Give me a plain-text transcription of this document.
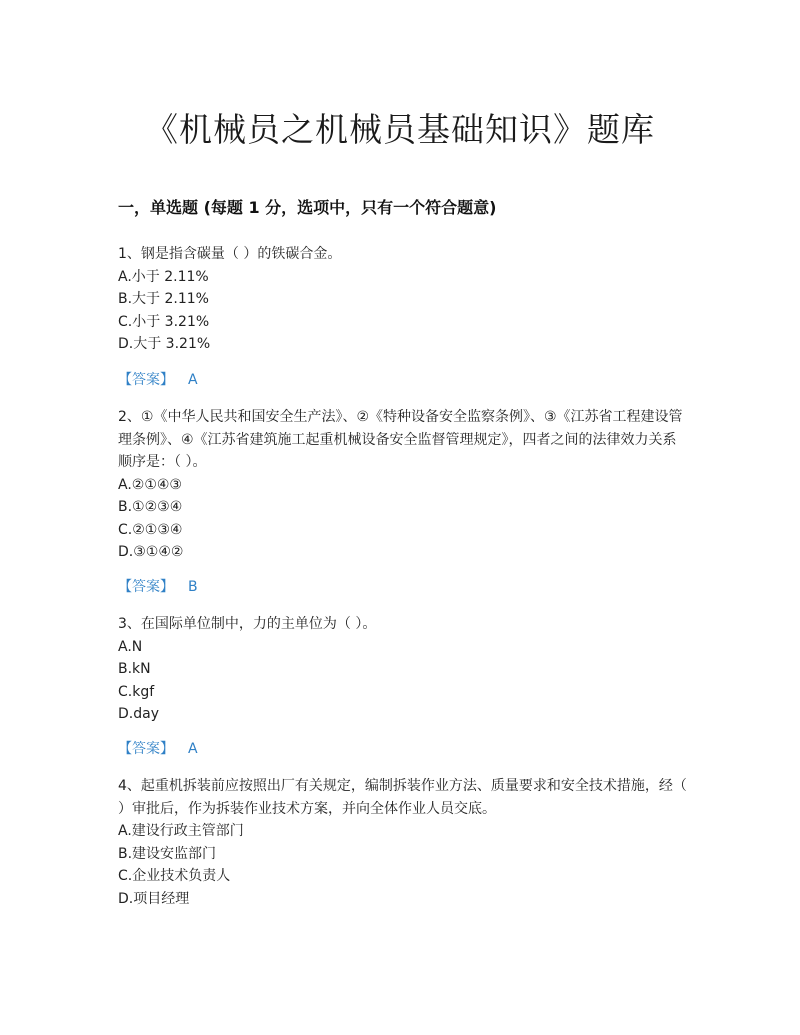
《机械员之机械员基础知识》题库
一，单选题 (每题 1 分，选项中，只有一个符合题意)

1、钢是指含碳量（ ）的铁碳合金。

A.小于 2.11%

B.大于 2.11%

C.小于 3.21%

D.大于 3.21%

【答案】 A

2、①《中华人民共和国安全生产法》、②《特种设备安全监察条例》、③《江苏省工程建设管理条例》、④《江苏省建筑施工起重机械设备安全监督管理规定》，四者之间的法律效力关系顺序是：（ ）。

A.②①④③

B.①②③④

C.②①③④

D.③①④②

【答案】 B

3、在国际单位制中，力的主单位为（ ）。

A.N

B.kN

C.kgf

D.day

【答案】 A

4、起重机拆装前应按照出厂有关规定，编制拆装作业方法、质量要求和安全技术措施，经（ ）审批后，作为拆装作业技术方案，并向全体作业人员交底。

A.建设行政主管部门

B.建设安监部门

C.企业技术负责人

D.项目经理
